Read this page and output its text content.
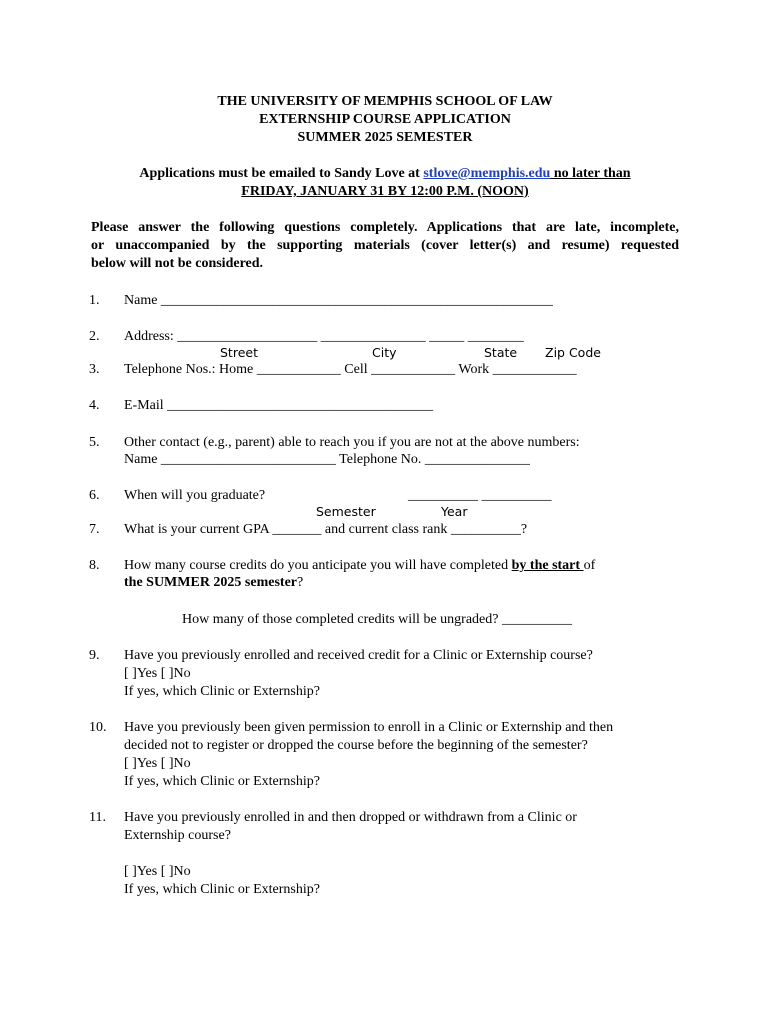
THE UNIVERSITY OF MEMPHIS SCHOOL OF LAW
EXTERNSHIP COURSE APPLICATION
SUMMER 2025 SEMESTER
Applications must be emailed to Sandy Love at stlove@memphis.edu no later than
FRIDAY, JANUARY 31 BY 12:00 P.M. (NOON)
Please answer the following questions completely. Applications that are late, incomplete,
or unaccompanied by the supporting materials (cover letter(s) and resume) requested
below will not be considered.
1. Name ________________________________________________________
2. Address: ____________________ _______________ _____ ________
Street	City	State Zip Code
3. Telephone Nos.: Home ____________ Cell ____________ Work ____________
4. E-Mail ______________________________________
5. Other contact (e.g., parent) able to reach you if you are not at the above numbers:
Name _________________________ Telephone No. _______________
6. When will you graduate?	__________ __________
Semester	Year
7. What is your current GPA _______ and current class rank __________?
8. How many course credits do you anticipate you will have completed by the start of
the SUMMER 2025 semester?
How many of those completed credits will be ungraded? __________
9. Have you previously enrolled and received credit for a Clinic or Externship course?
[ ]Yes [ ]No
If yes, which Clinic or Externship?
10. Have you previously been given permission to enroll in a Clinic or Externship and then
decided not to register or dropped the course before the beginning of the semester?
[ ]Yes [ ]No
If yes, which Clinic or Externship?
11. Have you previously enrolled in and then dropped or withdrawn from a Clinic or
Externship course?
[ ]Yes [ ]No
If yes, which Clinic or Externship?
